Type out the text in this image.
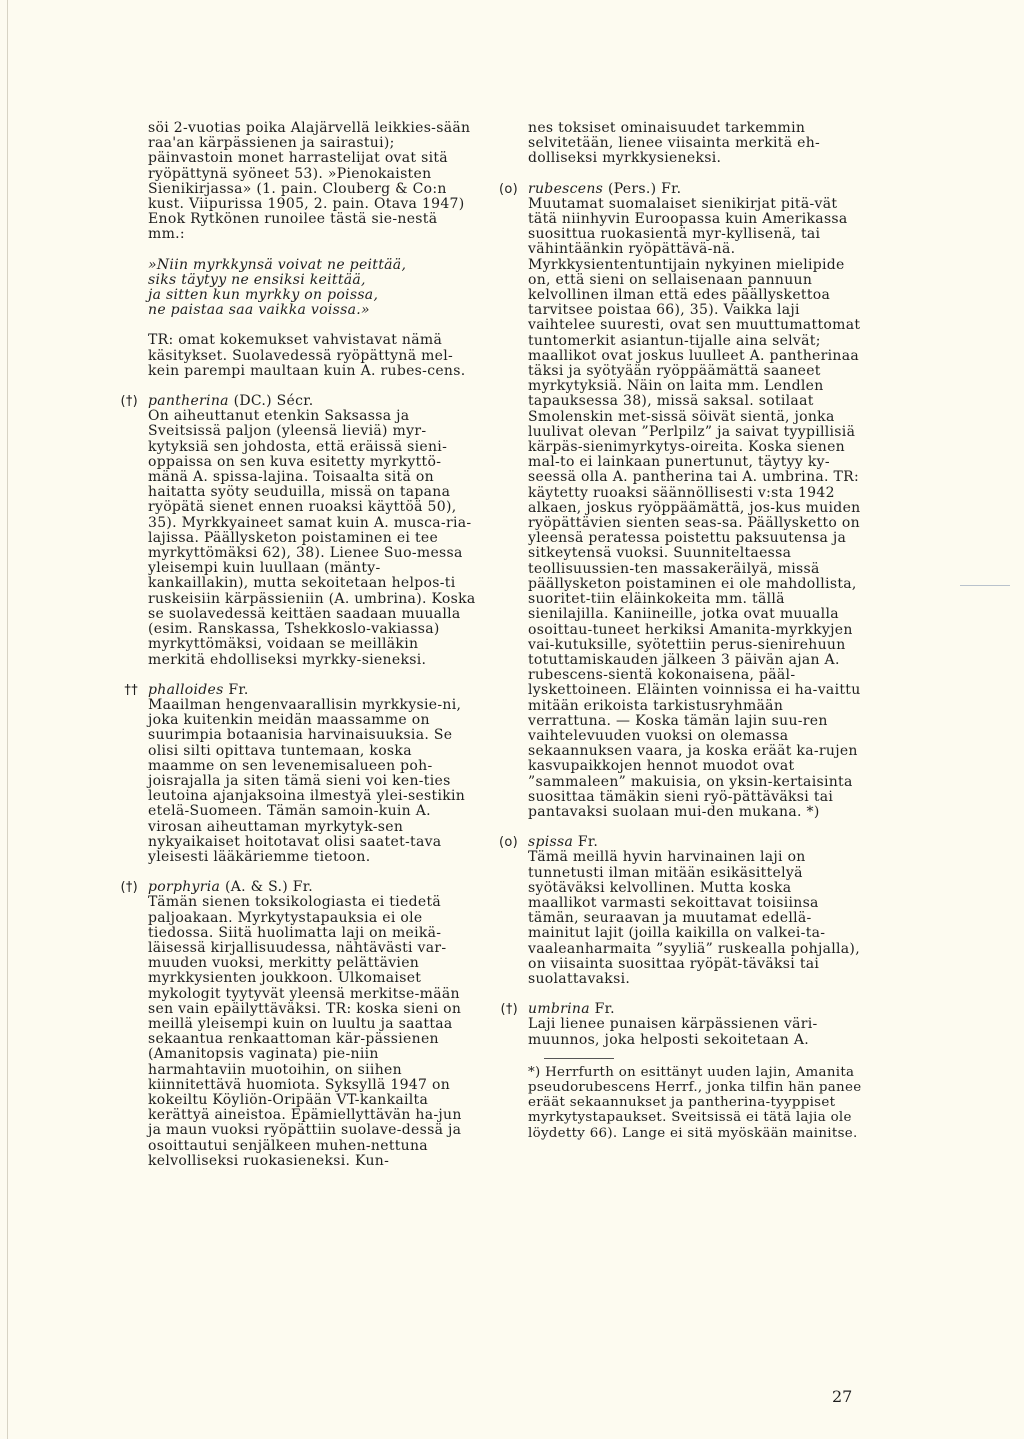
söi 2-vuotias poika Alajärvellä leikkies-sään raa'an kärpässienen ja sairastui); päinvastoin monet harrastelijat ovat sitä ryöpättynä syöneet 53). »Pienokaisten Sienikirjassa» (1. pain. Clouberg & Co:n kust. Viipurissa 1905, 2. pain. Otava 1947) Enok Rytkönen runoilee tästä sie-nestä mm.:

»Niin myrkkynsä voivat ne peittää,

siks täytyy ne ensiksi keittää,

ja sitten kun myrkky on poissa,

ne paistaa saa vaikka voissa.»

TR: omat kokemukset vahvistavat nämä käsitykset. Suolavedessä ryöpättynä mel-kein parempi maultaan kuin A. rubes-cens.

(†) pantherina (DC.) Sécr.

On aiheuttanut etenkin Saksassa ja Sveitsissä paljon (yleensä lieviä) myr-kytyksiä sen johdosta, että eräissä sieni-oppaissa on sen kuva esitetty myrkyttö-mänä A. spissa-lajina. Toisaalta sitä on haitatta syöty seuduilla, missä on tapana ryöpätä sienet ennen ruoaksi käyttöä 50), 35). Myrkkyaineet samat kuin A. musca-ria-lajissa. Päällysketon poistaminen ei tee myrkyttömäksi 62), 38). Lienee Suo-messa yleisempi kuin luullaan (mänty-kankaillakin), mutta sekoitetaan helpos-ti ruskeisiin kärpässieniin (A. umbrina). Koska se suolavedessä keittäen saadaan muualla (esim. Ranskassa, Tshekkoslo-vakiassa) myrkyttömäksi, voidaan se meilläkin merkitä ehdolliseksi myrkky-sieneksi.

†† phalloides Fr.

Maailman hengenvaarallisin myrkkysie-ni, joka kuitenkin meidän maassamme on suurimpia botaanisia harvinaisuuksia. Se olisi silti opittava tuntemaan, koska maamme on sen levenemisalueen poh-joisrajalla ja siten tämä sieni voi ken-ties leutoina ajanjaksoina ilmestyä ylei-sestikin etelä-Suomeen. Tämän samoin-kuin A. virosan aiheuttaman myrkytyk-sen nykyaikaiset hoitotavat olisi saatet-tava yleisesti lääkäriemme tietoon.

(†) porphyria (A. & S.) Fr.

Tämän sienen toksikologiasta ei tiedetä paljoakaan. Myrkytystapauksia ei ole tiedossa. Siitä huolimatta laji on meikä-läisessä kirjallisuudessa, nähtävästi var-muuden vuoksi, merkitty pelättävien myrkkysienten joukkoon. Ulkomaiset mykologit tyytyvät yleensä merkitse-mään sen vain epäilyttäväksi. TR: koska sieni on meillä yleisempi kuin on luultu ja saattaa sekaantua renkaattoman kär-pässienen (Amanitopsis vaginata) pie-niin harmahtaviin muotoihin, on siihen kiinnitettävä huomiota. Syksyllä 1947 on kokeiltu Köyliön-Oripään VT-kankailta kerättyä aineistoa. Epämiellyttävän ha-jun ja maun vuoksi ryöpättiin suolave-dessä ja osoittautui senjälkeen muhen-nettuna kelvolliseksi ruokasieneksi. Kun-

nes toksiset ominaisuudet tarkemmin selvitetään, lienee viisainta merkitä eh-dolliseksi myrkkysieneksi.

(o) rubescens (Pers.) Fr.

Muutamat suomalaiset sienikirjat pitä-vät tätä niinhyvin Euroopassa kuin Amerikassa suosittua ruokasientä myr-kyllisenä, tai vähintäänkin ryöpättävä-nä. Myrkkysiententuntijain nykyinen mielipide on, että sieni on sellaisenaan pannuun kelvollinen ilman että edes päällyskettoa tarvitsee poistaa 66), 35). Vaikka laji vaihtelee suuresti, ovat sen muuttumattomat tuntomerkit asiantun-tijalle aina selvät; maallikot ovat joskus luulleet A. pantherinaa täksi ja syötyään ryöppäämättä saaneet myrkytyksiä. Näin on laita mm. Lendlen tapauksessa 38), missä saksal. sotilaat Smolenskin met-sissä söivät sientä, jonka luulivat olevan ”Perlpilz” ja saivat tyypillisiä kärpäs-sienimyrkytys-oireita. Koska sienen mal-to ei lainkaan punertunut, täytyy ky-seessä olla A. pantherina tai A. umbrina. TR: käytetty ruoaksi säännöllisesti v:sta 1942 alkaen, joskus ryöppäämättä, jos-kus muiden ryöpättävien sienten seas-sa. Päällysketto on yleensä peratessa poistettu paksuutensa ja sitkeytensä vuoksi. Suunniteltaessa teollisuussien-ten massakeräilyä, missä päällysketon poistaminen ei ole mahdollista, suoritet-tiin eläinkokeita mm. tällä sienilajilla. Kaniineille, jotka ovat muualla osoittau-tuneet herkiksi Amanita-myrkkyjen vai-kutuksille, syötettiin perus-sienirehuun totuttamiskauden jälkeen 3 päivän ajan A. rubescens-sientä kokonaisena, pääl-lyskettoineen. Eläinten voinnissa ei ha-vaittu mitään erikoista tarkistusryhmään verrattuna. — Koska tämän lajin suu-ren vaihtelevuuden vuoksi on olemassa sekaannuksen vaara, ja koska eräät ka-rujen kasvupaikkojen hennot muodot ovat ”sammaleen” makuisia, on yksin-kertaisinta suosittaa tämäkin sieni ryö-pättäväksi tai pantavaksi suolaan mui-den mukana. *)

(o) spissa Fr.

Tämä meillä hyvin harvinainen laji on tunnetusti ilman mitään esikäsittelyä syötäväksi kelvollinen. Mutta koska maallikot varmasti sekoittavat toisiinsa tämän, seuraavan ja muutamat edellä-mainitut lajit (joilla kaikilla on valkei-ta-vaaleanharmaita ”syyliä” ruskealla pohjalla), on viisainta suosittaa ryöpät-täväksi tai suolattavaksi.

(†) umbrina Fr.

Laji lienee punaisen kärpässienen väri-muunnos, joka helposti sekoitetaan A.

*) Herrfurth on esittänyt uuden lajin, Amanita pseudorubescens Herrf., jonka tilfin hän panee eräät sekaannukset ja pantherina-tyyppiset myrkytystapaukset. Sveitsissä ei tätä lajia ole löydetty 66). Lange ei sitä myöskään mainitse.

27
